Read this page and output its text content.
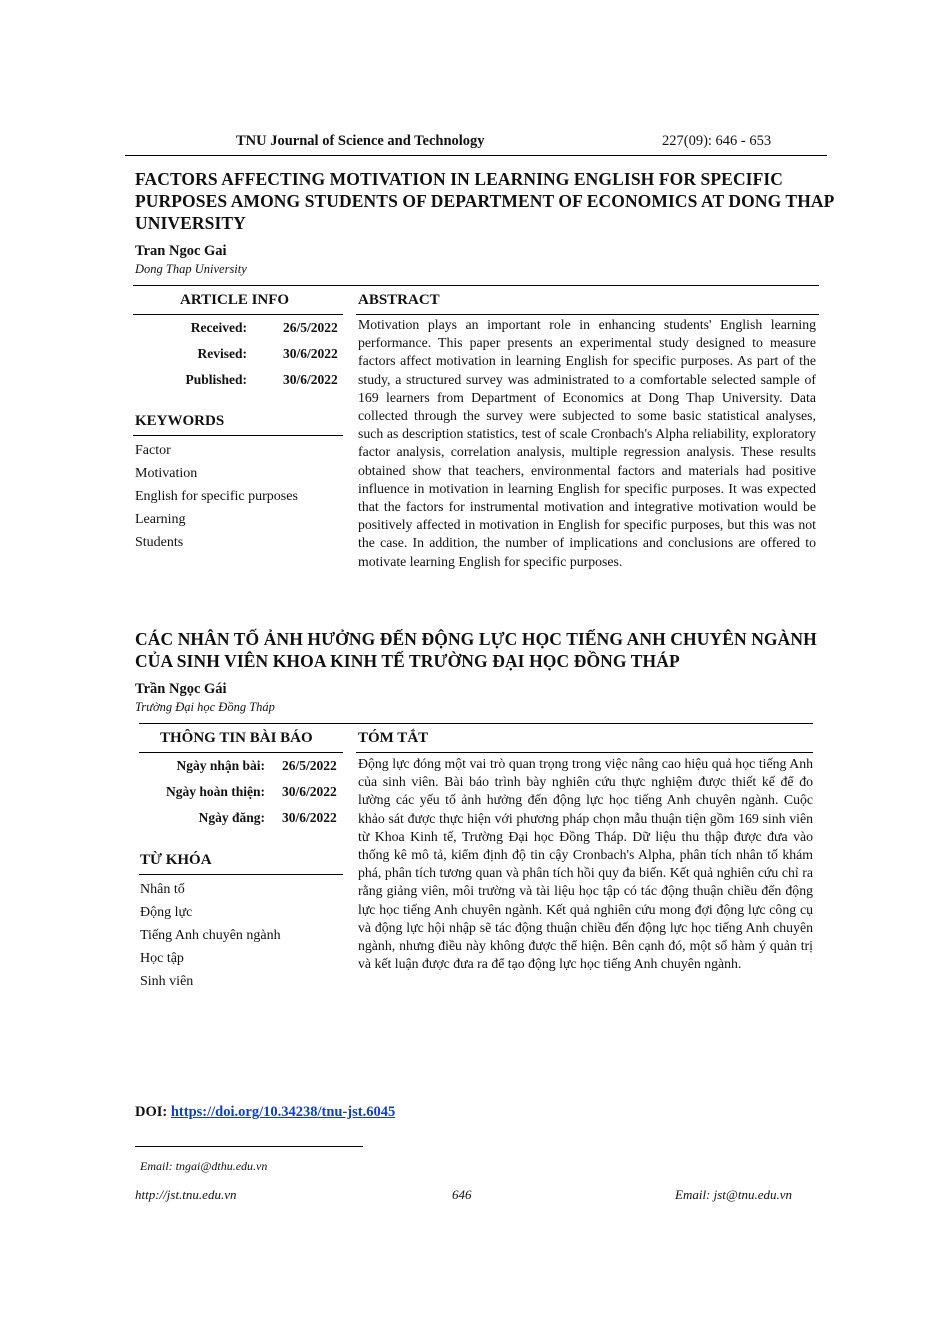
TNU Journal of Science and Technology	227(09): 646 - 653
FACTORS AFFECTING MOTIVATION IN LEARNING ENGLISH FOR SPECIFIC PURPOSES AMONG STUDENTS OF DEPARTMENT OF ECONOMICS AT DONG THAP UNIVERSITY
Tran Ngoc Gai
Dong Thap University
ARTICLE INFO	ABSTRACT
Received:	26/5/2022
Revised:	30/6/2022
Published:	30/6/2022
KEYWORDS
Factor
Motivation
English for specific purposes
Learning
Students
Motivation plays an important role in enhancing students' English learning performance. This paper presents an experimental study designed to measure factors affect motivation in learning English for specific purposes. As part of the study, a structured survey was administrated to a comfortable selected sample of 169 learners from Department of Economics at Dong Thap University. Data collected through the survey were subjected to some basic statistical analyses, such as description statistics, test of scale Cronbach's Alpha reliability, exploratory factor analysis, correlation analysis, multiple regression analysis. These results obtained show that teachers, environmental factors and materials had positive influence in motivation in learning English for specific purposes. It was expected that the factors for instrumental motivation and integrative motivation would be positively affected in motivation in English for specific purposes, but this was not the case. In addition, the number of implications and conclusions are offered to motivate learning English for specific purposes.
CÁC NHÂN TỐ ẢNH HƯỞNG ĐẾN ĐỘNG LỰC HỌC TIẾNG ANH CHUYÊN NGÀNH CỦA SINH VIÊN KHOA KINH TẾ TRƯỜNG ĐẠI HỌC ĐỒNG THÁP
Trần Ngọc Gái
Trường Đại học Đồng Tháp
THÔNG TIN BÀI BÁO	TÓM TẮT
Ngày nhận bài: 26/5/2022
Ngày hoàn thiện: 30/6/2022
Ngày đăng: 30/6/2022
TỪ KHÓA
Nhân tố
Động lực
Tiếng Anh chuyên ngành
Học tập
Sinh viên
Động lực đóng một vai trò quan trọng trong việc nâng cao hiệu quả học tiếng Anh của sinh viên. Bài báo trình bày nghiên cứu thực nghiệm được thiết kế để đo lường các yếu tố ảnh hưởng đến động lực học tiếng Anh chuyên ngành. Cuộc khảo sát được thực hiện với phương pháp chọn mẫu thuận tiện gồm 169 sinh viên từ Khoa Kinh tế, Trường Đại học Đồng Tháp. Dữ liệu thu thập được đưa vào thống kê mô tả, kiểm định độ tin cậy Cronbach's Alpha, phân tích nhân tố khám phá, phân tích tương quan và phân tích hồi quy đa biến. Kết quả nghiên cứu chỉ ra rằng giảng viên, môi trường và tài liệu học tập có tác động thuận chiều đến động lực học tiếng Anh chuyên ngành. Kết quả nghiên cứu mong đợi động lực công cụ và động lực hội nhập sẽ tác động thuận chiều đến động lực học tiếng Anh chuyên ngành, nhưng điều này không được thể hiện. Bên cạnh đó, một số hàm ý quản trị và kết luận được đưa ra để tạo động lực học tiếng Anh chuyên ngành.
DOI: https://doi.org/10.34238/tnu-jst.6045
Email: tngai@dthu.edu.vn
http://jst.tnu.edu.vn	646	Email: jst@tnu.edu.vn
